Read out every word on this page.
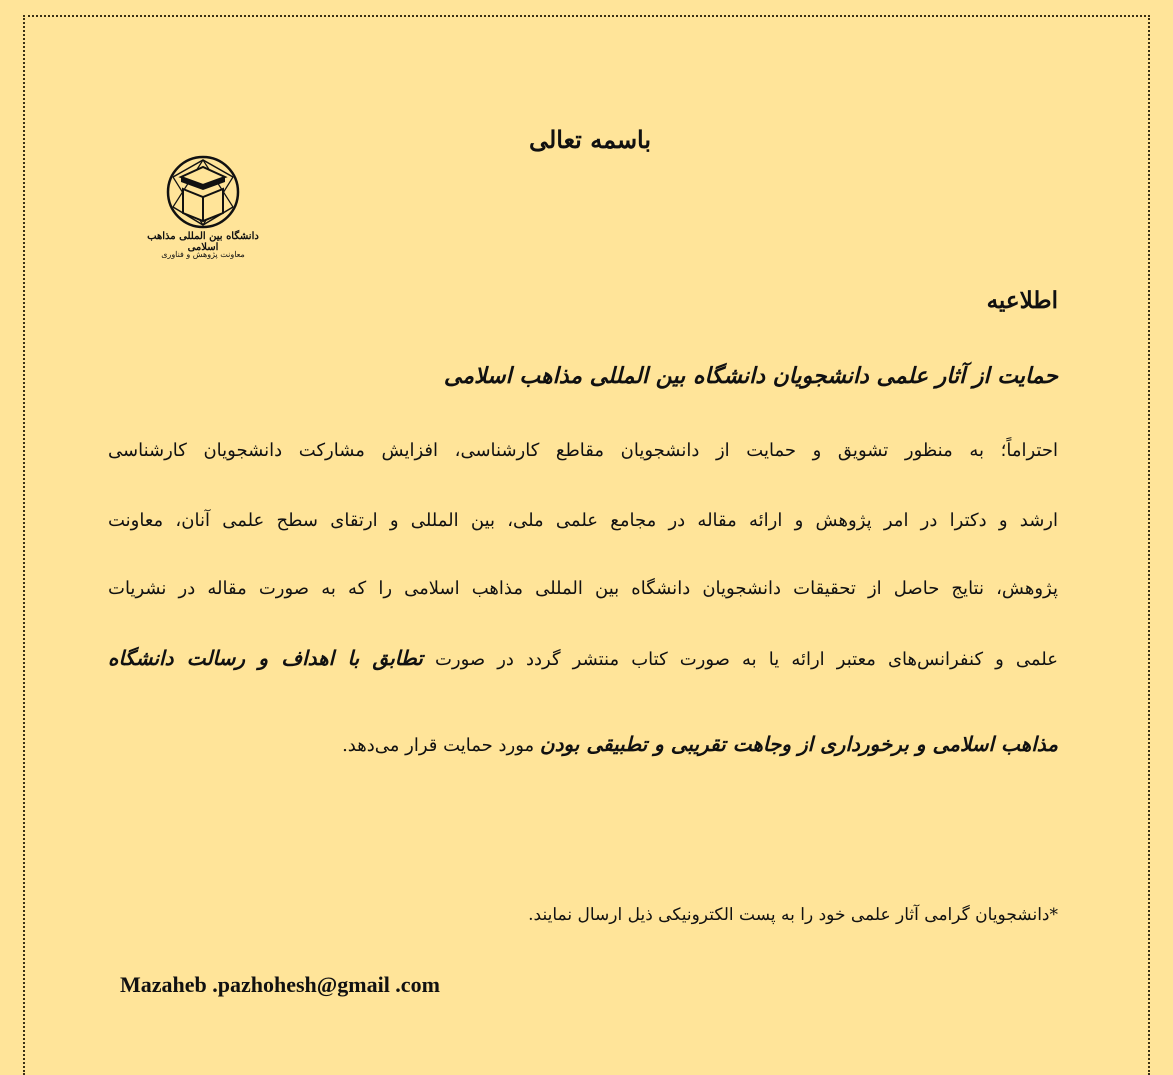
دانشگاه بین المللی مذاهب اسلامی
معاونت پژوهش و فناوری
باسمه تعالی
اطلاعیه
حمایت از آثار علمی دانشجویان دانشگاه بین المللی مذاهب اسلامی
احتراماً؛ به منظور تشویق و حمایت از دانشجویان مقاطع کارشناسی، افزایش مشارکت دانشجویان کارشناسی
ارشد و دکترا در امر پژوهش و ارائه مقاله در مجامع علمی ملی، بین المللی و ارتقای سطح علمی آنان، معاونت
پژوهش، نتایج حاصل از تحقیقات دانشجویان دانشگاه بین المللی مذاهب اسلامی را که به صورت مقاله در نشریات
علمی و کنفرانس‌های معتبر ارائه یا به صورت کتاب منتشر گردد در صورت تطابق با اهداف و رسالت دانشگاه
مذاهب اسلامی و برخورداری از وجاهت تقریبی و تطبیقی بودن مورد حمایت قرار می‌دهد.
*دانشجویان گرامی آثار علمی خود را به پست الکترونیکی ذیل ارسال نمایند.
Mazaheb .pazhohesh@gmail .com
